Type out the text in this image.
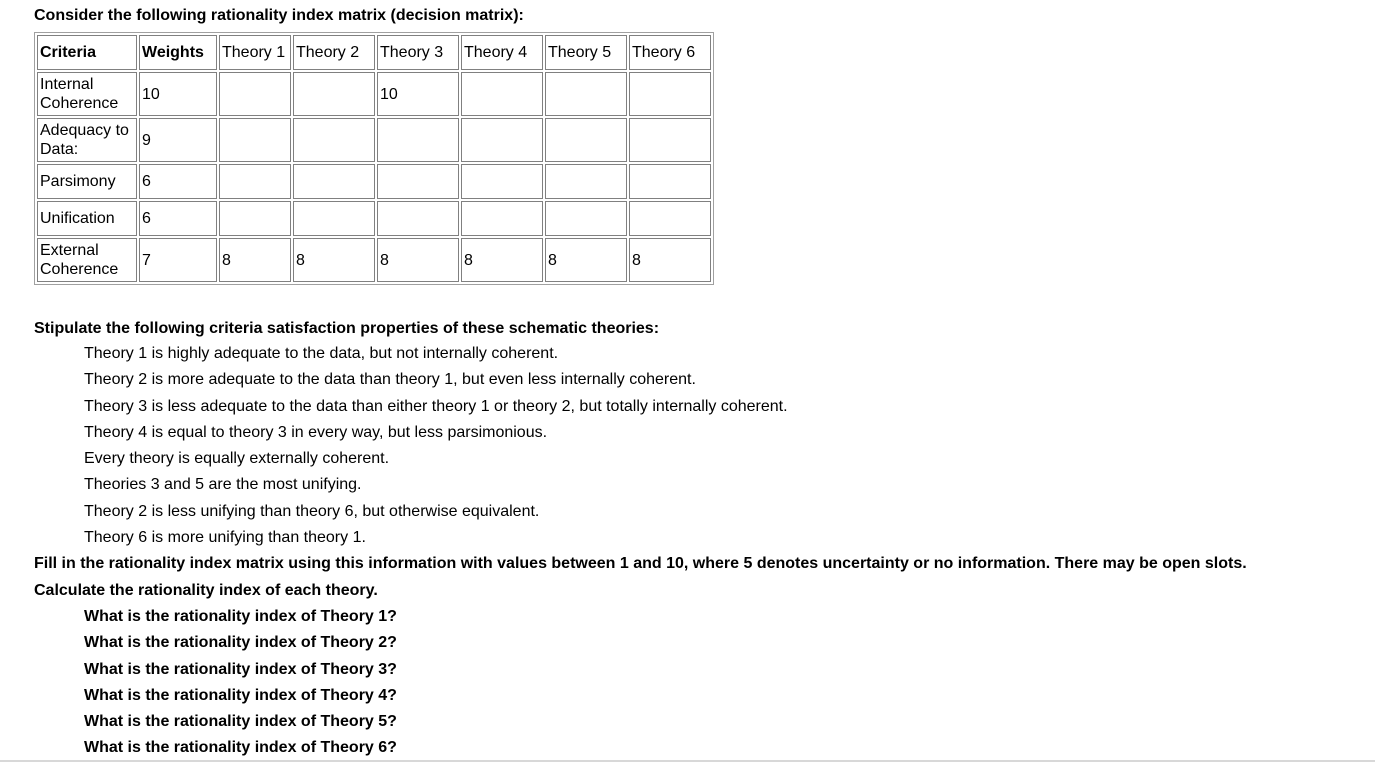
Consider the following rationality index matrix (decision matrix):
Criteria	Weights	Theory 1	Theory 2	Theory 3	Theory 4	Theory 5	Theory 6
Internal Coherence	10			10			
Adequacy to Data:	9						
Parsimony	6						
Unification	6						
External Coherence	7	8	8	8	8	8	8
Stipulate the following criteria satisfaction properties of these schematic theories:
Theory 1 is highly adequate to the data, but not internally coherent.
Theory 2 is more adequate to the data than theory 1, but even less internally coherent.
Theory 3 is less adequate to the data than either theory 1 or theory 2, but totally internally coherent.
Theory 4 is equal to theory 3 in every way, but less parsimonious.
Every theory is equally externally coherent.
Theories 3 and 5 are the most unifying.
Theory 2 is less unifying than theory 6, but otherwise equivalent.
Theory 6 is more unifying than theory 1.
Fill in the rationality index matrix using this information with values between 1 and 10, where 5 denotes uncertainty or no information. There may be open slots.
Calculate the rationality index of each theory.
What is the rationality index of Theory 1?
What is the rationality index of Theory 2?
What is the rationality index of Theory 3?
What is the rationality index of Theory 4?
What is the rationality index of Theory 5?
What is the rationality index of Theory 6?
